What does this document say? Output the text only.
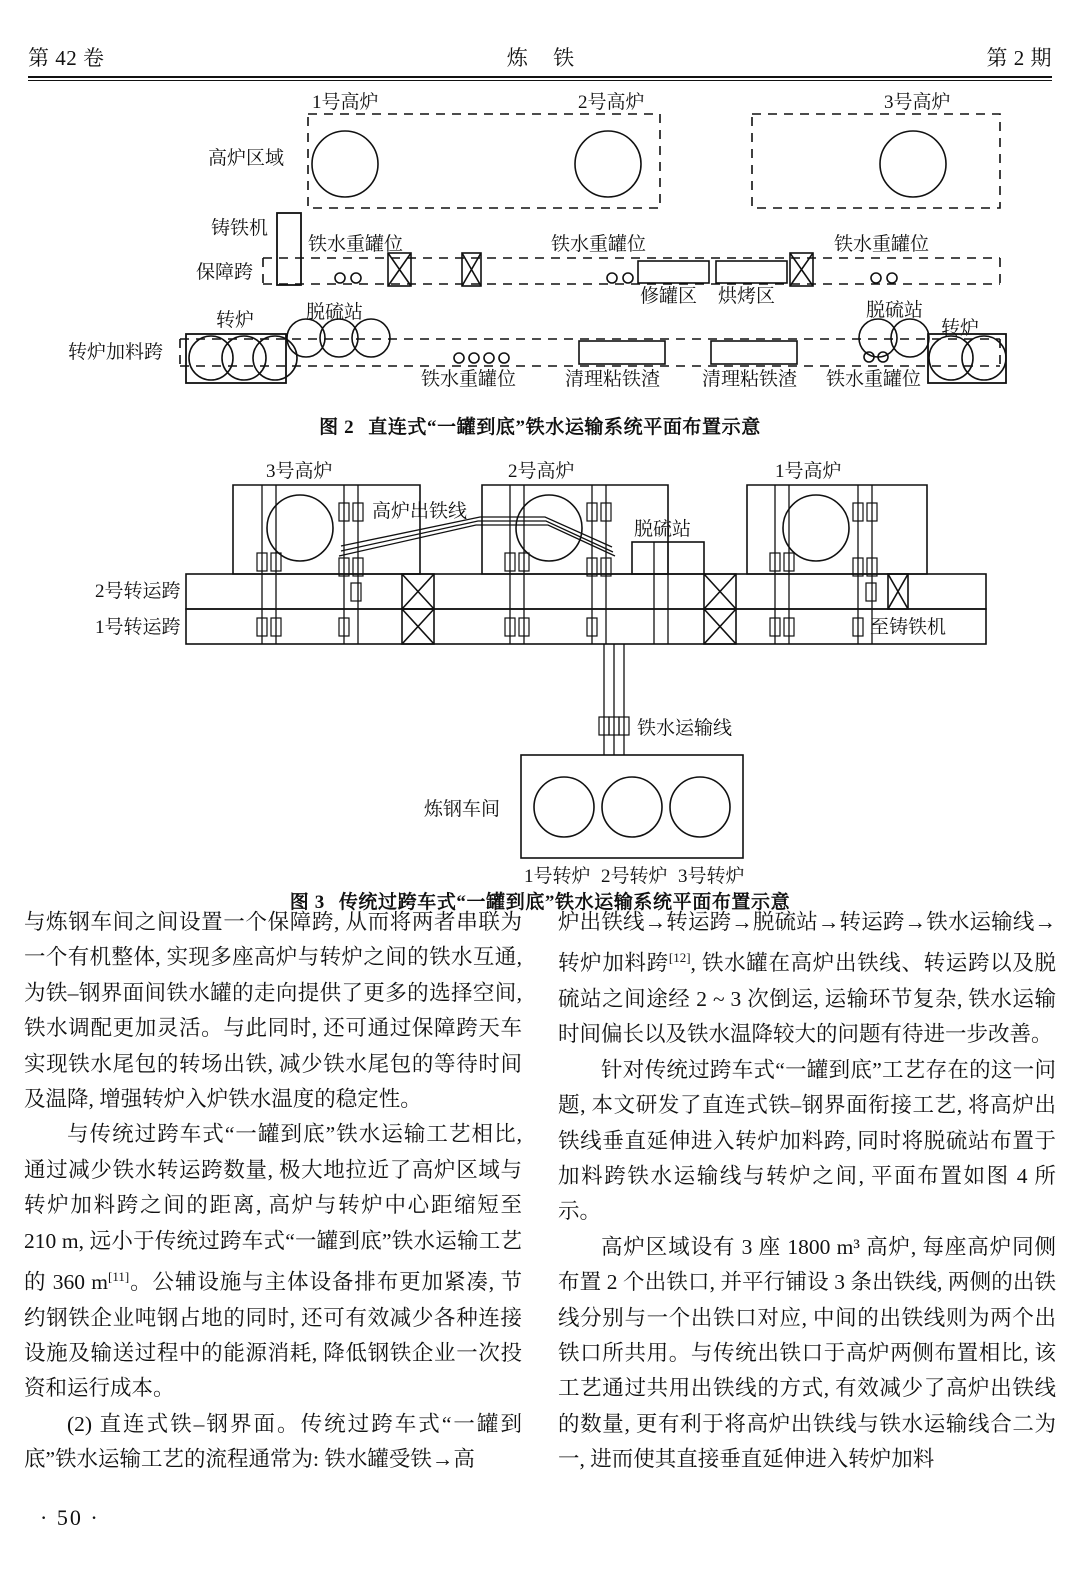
第 42 卷	炼 铁	第 2 期
高炉区域
1号高炉	2号高炉	3号高炉
铸铁机
保障跨
铁水重罐位	铁水重罐位	铁水重罐位
修罐区 烘烤区
转炉加料跨
转炉	转炉
脱硫站	脱硫站
铁水重罐位	铁水重罐位
清理粘铁渣 清理粘铁渣
图 2 直连式“一罐到底”铁水运输系统平面布置示意
3号高炉	2号高炉	1号高炉
高炉出铁线
脱硫站
2号转运跨
1号转运跨	至铸铁机
铁水运输线
炼钢车间
1号转炉 2号转炉 3号转炉
图 3 传统过跨车式“一罐到底”铁水运输系统平面布置示意

与炼钢车间之间设置一个保障跨, 从而将两者串联为一个有机整体, 实现多座高炉与转炉之间的铁水互通, 为铁–钢界面间铁水罐的走向提供了更多的选择空间, 铁水调配更加灵活。与此同时, 还可通过保障跨天车实现铁水尾包的转场出铁, 减少铁水尾包的等待时间及温降, 增强转炉入炉铁水温度的稳定性。

与传统过跨车式“一罐到底”铁水运输工艺相比, 通过减少铁水转运跨数量, 极大地拉近了高炉区域与转炉加料跨之间的距离, 高炉与转炉中心距缩短至 210 m, 远小于传统过跨车式“一罐到底”铁水运输工艺的 360 m[11]。公辅设施与主体设备排布更加紧凑, 节约钢铁企业吨钢占地的同时, 还可有效减少各种连接设施及输送过程中的能源消耗, 降低钢铁企业一次投资和运行成本。

(2) 直连式铁–钢界面。传统过跨车式“一罐到底”铁水运输工艺的流程通常为: 铁水罐受铁→高

炉出铁线→转运跨→脱硫站→转运跨→铁水运输线→转炉加料跨[12], 铁水罐在高炉出铁线、转运跨以及脱硫站之间途经 2 ~ 3 次倒运, 运输环节复杂, 铁水运输时间偏长以及铁水温降较大的问题有待进一步改善。

针对传统过跨车式“一罐到底”工艺存在的这一问题, 本文研发了直连式铁–钢界面衔接工艺, 将高炉出铁线垂直延伸进入转炉加料跨, 同时将脱硫站布置于加料跨铁水运输线与转炉之间, 平面布置如图 4 所示。

高炉区域设有 3 座 1800 m³ 高炉, 每座高炉同侧布置 2 个出铁口, 并平行铺设 3 条出铁线, 两侧的出铁线分别与一个出铁口对应, 中间的出铁线则为两个出铁口所共用。与传统出铁口于高炉两侧布置相比, 该工艺通过共用出铁线的方式, 有效减少了高炉出铁线的数量, 更有利于将高炉出铁线与铁水运输线合二为一, 进而使其直接垂直延伸进入转炉加料

· 50 ·
